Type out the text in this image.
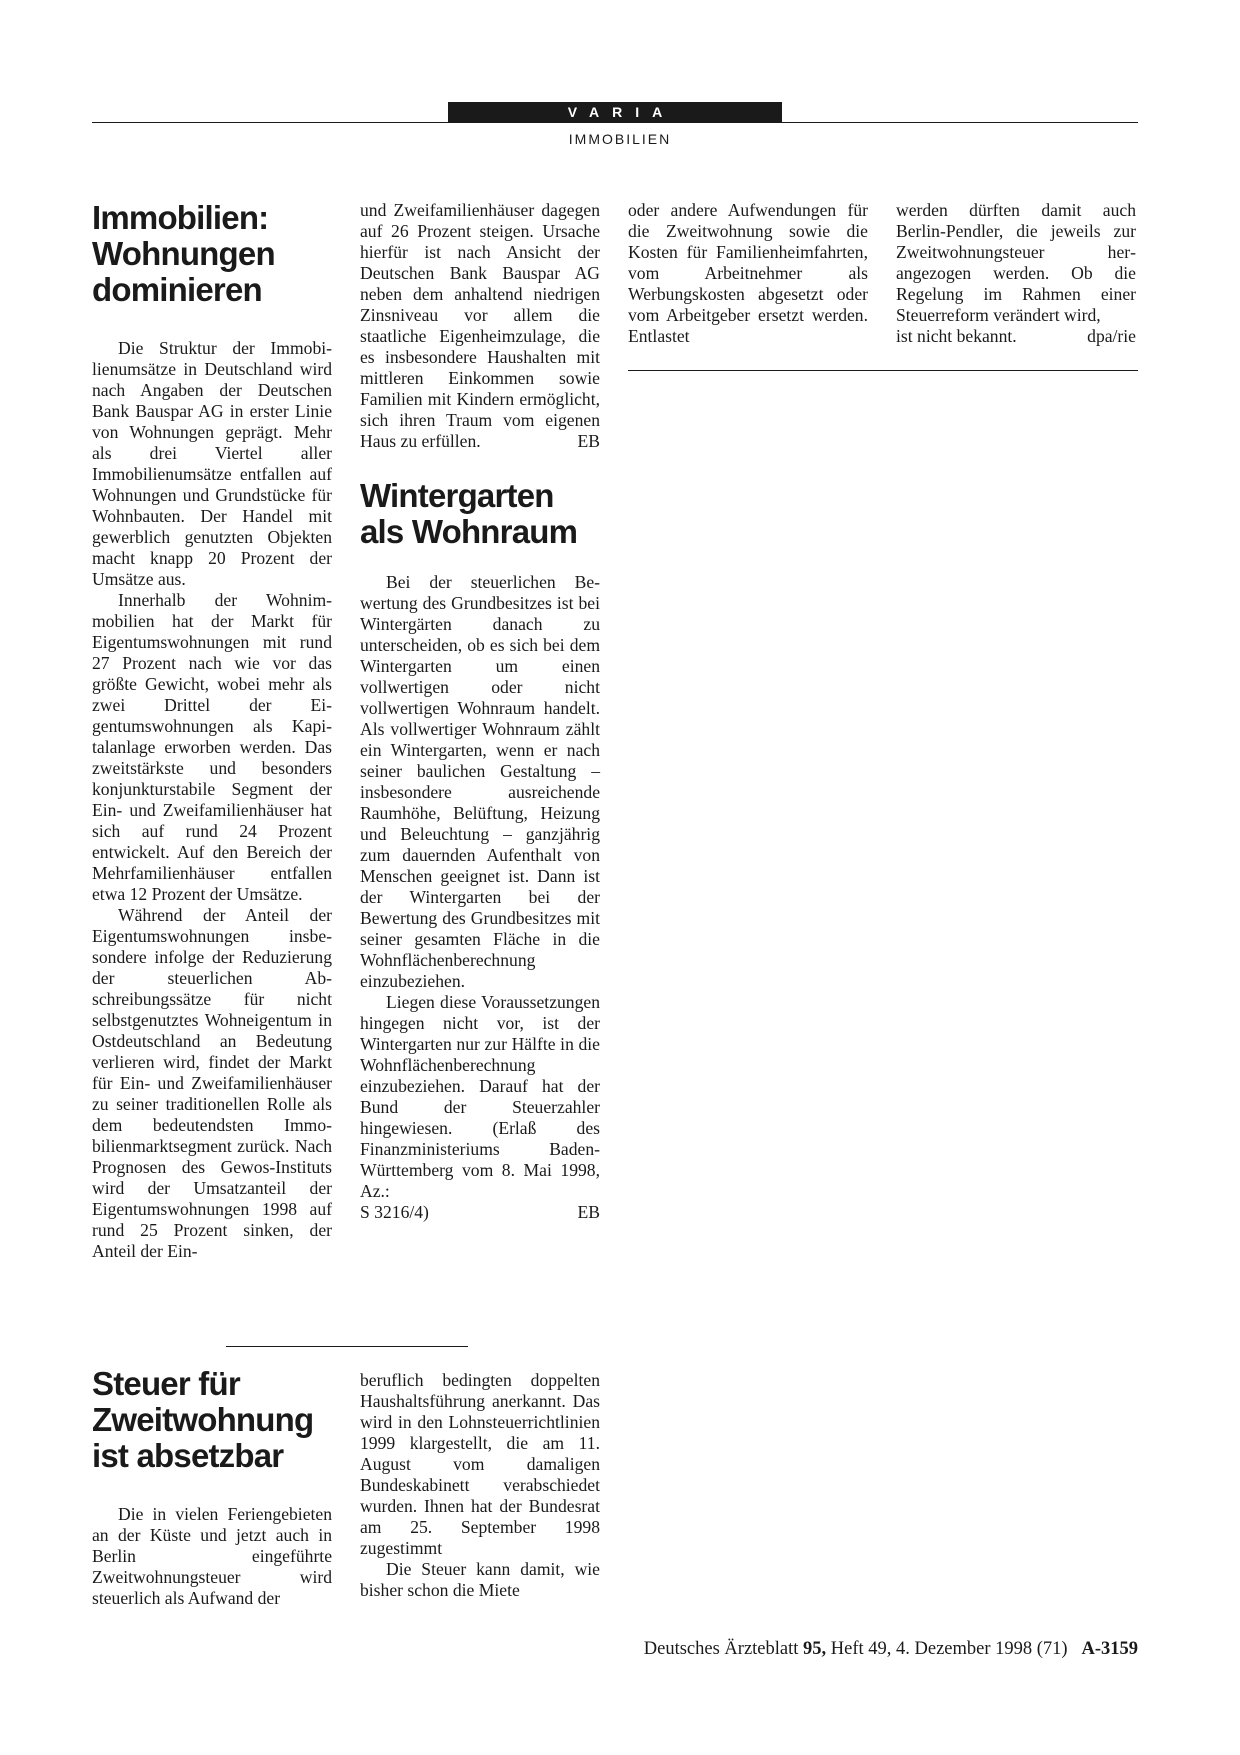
VARIA
IMMOBILIEN
Immobilien: Wohnungen dominieren

Die Struktur der Immobilienumsätze in Deutschland wird nach Angaben der Deutschen Bank Bauspar AG in erster Linie von Wohnungen geprägt. Mehr als drei Viertel aller Immobilienumsätze entfallen auf Wohnungen und Grundstücke für Wohnbauten. Der Handel mit gewerblich genutzten Objekten macht knapp 20 Prozent der Umsätze aus.

Innerhalb der Wohnimmobilien hat der Markt für Eigentumswohnungen mit rund 27 Prozent nach wie vor das größte Gewicht, wobei mehr als zwei Drittel der Eigentumswohnungen als Kapitalanlage erworben werden. Das zweitstärkste und besonders konjunkturstabile Segment der Ein- und Zweifamilienhäuser hat sich auf rund 24 Prozent entwickelt. Auf den Bereich der Mehrfamilienhäuser entfallen etwa 12 Prozent der Umsätze.

Während der Anteil der Eigentumswohnungen insbesondere infolge der Reduzierung der steuerlichen Abschreibungssätze für nicht selbstgenutztes Wohneigentum in Ostdeutschland an Bedeutung verlieren wird, findet der Markt für Ein- und Zweifamilienhäuser zu seiner traditionellen Rolle als dem bedeutendsten Immobilienmarktsegment zurück. Nach Prognosen des Gewos-Instituts wird der Umsatzanteil der Eigentumswohnungen 1998 auf rund 25 Prozent sinken, der Anteil der Ein-

und Zweifamilienhäuser dagegen auf 26 Prozent steigen. Ursache hierfür ist nach Ansicht der Deutschen Bank Bauspar AG neben dem anhaltend niedrigen Zinsniveau vor allem die staatliche Eigenheimzulage, die es insbesondere Haushalten mit mittleren Einkommen sowie Familien mit Kindern ermöglicht, sich ihren Traum vom eigenen Haus zu erfüllen.	EB
Wintergarten als Wohnraum

Bei der steuerlichen Bewertung des Grundbesitzes ist bei Wintergärten danach zu unterscheiden, ob es sich bei dem Wintergarten um einen vollwertigen oder nicht vollwertigen Wohnraum handelt. Als vollwertiger Wohnraum zählt ein Wintergarten, wenn er nach seiner baulichen Gestaltung – insbesondere ausreichende Raumhöhe, Belüftung, Heizung und Beleuchtung – ganzjährig zum dauernden Aufenthalt von Menschen geeignet ist. Dann ist der Wintergarten bei der Bewertung des Grundbesitzes mit seiner gesamten Fläche in die Wohnflächenberechnung einzubeziehen.

Liegen diese Voraussetzungen hingegen nicht vor, ist der Wintergarten nur zur Hälfte in die Wohnflächenberechnung einzubeziehen. Darauf hat der Bund der Steuerzahler hingewiesen. (Erlaß des Finanzministeriums Baden-Württemberg vom 8. Mai 1998, Az.:

S 3216/4)	EB
Steuer für Zweitwohnung ist absetzbar

Die in vielen Feriengebieten an der Küste und jetzt auch in Berlin eingeführte Zweitwohnungsteuer wird steuerlich als Aufwand der

beruflich bedingten doppelten Haushaltsführung anerkannt. Das wird in den Lohnsteuerrichtlinien 1999 klargestellt, die am 11. August vom damaligen Bundeskabinett verabschiedet wurden. Ihnen hat der Bundesrat am 25. September 1998 zugestimmt

Die Steuer kann damit, wie bisher schon die Miete

oder andere Aufwendungen für die Zweitwohnung sowie die Kosten für Familienheimfahrten, vom Arbeitnehmer als Werbungskosten abgesetzt oder vom Arbeitgeber ersetzt werden. Entlastet

werden dürften damit auch Berlin-Pendler, die jeweils zur Zweitwohnungsteuer herangezogen werden. Ob die Regelung im Rahmen einer Steuerreform verändert wird,

ist nicht bekannt.	dpa/rie
Deutsches Ärzteblatt 95, Heft 49, 4. Dezember 1998 (71) A-3159
